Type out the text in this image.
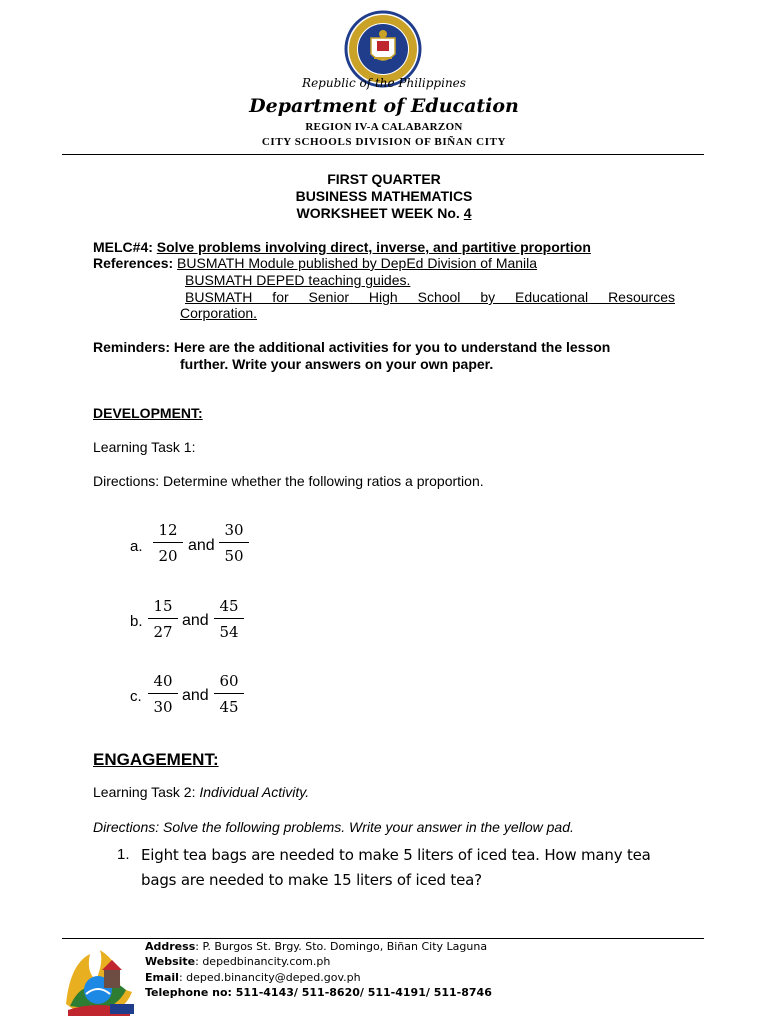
Republic of the Philippines
Department of Education
REGION IV-A CALABARZON
CITY SCHOOLS DIVISION OF BIÑAN CITY
FIRST QUARTER
BUSINESS MATHEMATICS
WORKSHEET WEEK No. 4
MELC#4: Solve problems involving direct, inverse, and partitive proportion
References: BUSMATH Module published by DepEd Division of Manila
BUSMATH DEPED teaching guides.
BUSMATH for Senior High School by Educational Resources
Corporation.
Reminders: Here are the additional activities for you to understand the lesson
further. Write your answers on your own paper.
DEVELOPMENT:
Learning Task 1:
Directions: Determine whether the following ratios a proportion.
a.
12
20
and
30
50
b.
15
27
and
45
54
c.
40
30
and
60
45
ENGAGEMENT:
Learning Task 2: Individual Activity.
Directions: Solve the following problems. Write your answer in the yellow pad.
1. Eight tea bags are needed to make 5 liters of iced tea. How many tea
bags are needed to make 15 liters of iced tea?
Address: P. Burgos St. Brgy. Sto. Domingo, Biñan City Laguna
Website: depedbinancity.com.ph
Email: deped.binancity@deped.gov.ph
Telephone no: 511-4143/ 511-8620/ 511-4191/ 511-8746
